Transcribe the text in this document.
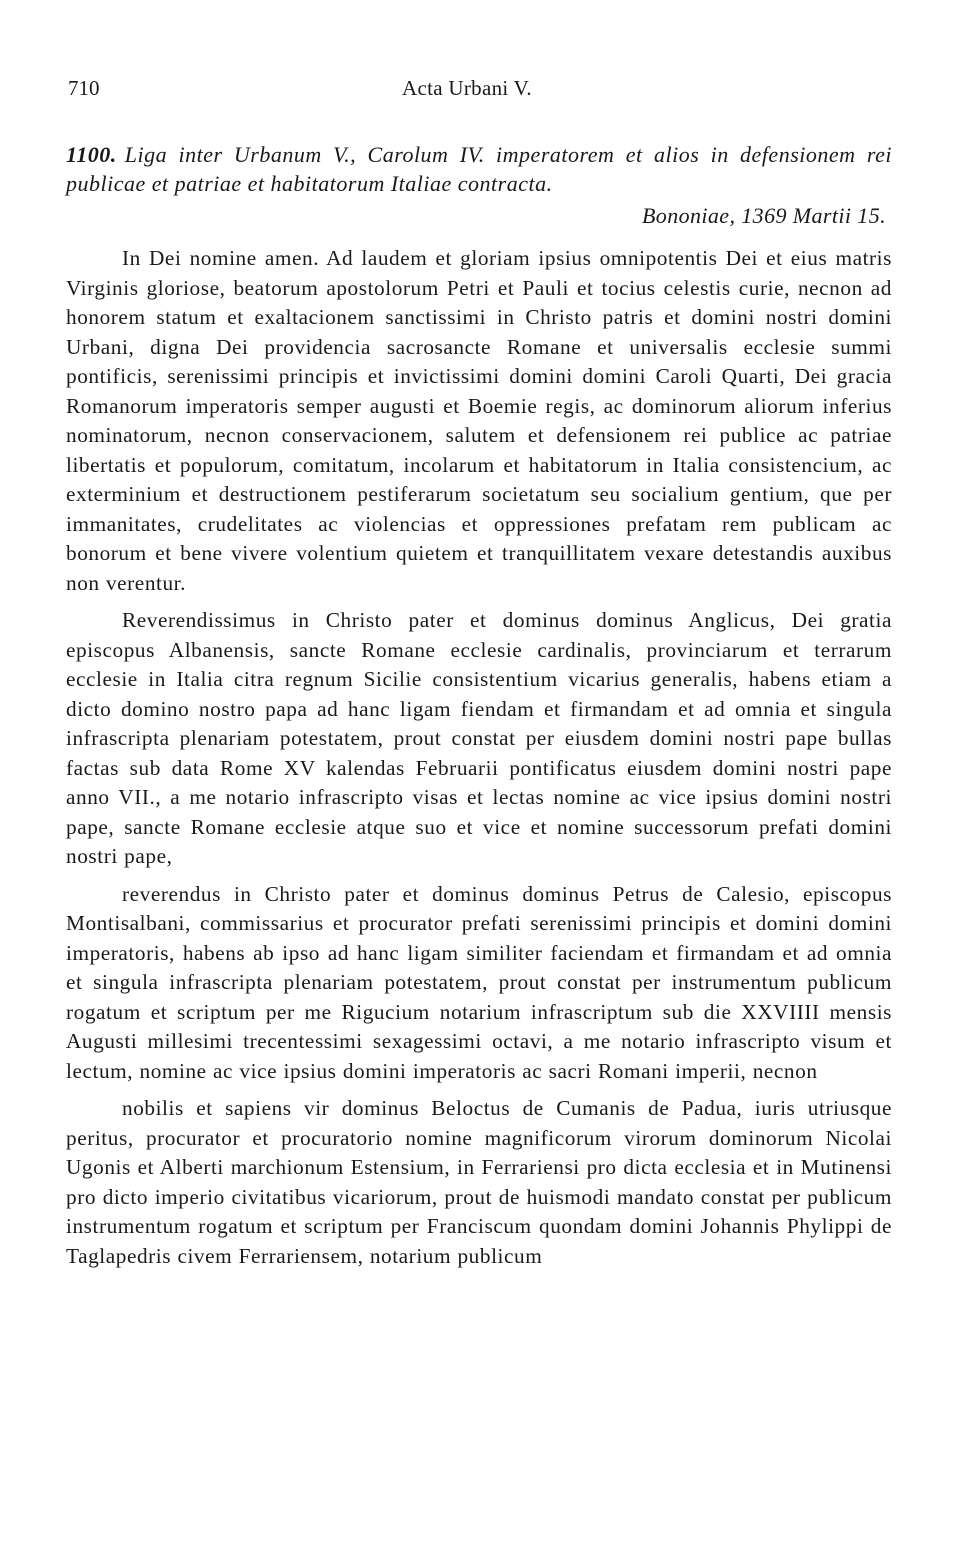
710	Acta Urbani V.
1100. Liga inter Urbanum V., Carolum IV. imperatorem et alios in defensionem rei publicae et patriae et habitatorum Italiae contracta.
Bononiae, 1369 Martii 15.

In Dei nomine amen. Ad laudem et gloriam ipsius omnipotentis Dei et eius matris Virginis gloriose, beatorum apostolorum Petri et Pauli et tocius celestis curie, necnon ad honorem statum et exaltacionem sanctissimi in Christo patris et domini nostri domini Urbani, digna Dei providencia sacrosancte Romane et universalis ecclesie summi pontificis, serenissimi principis et invictissimi domini domini Caroli Quarti, Dei gracia Romanorum imperatoris semper augusti et Boemie regis, ac dominorum aliorum inferius nominatorum, necnon conservacionem, salutem et defensionem rei publice ac patriae libertatis et populorum, comitatum, incolarum et habitatorum in Italia consistencium, ac exterminium et destructionem pestiferarum societatum seu socialium gentium, que per immanitates, crudelitates ac violencias et oppressiones prefatam rem publicam ac bonorum et bene vivere volentium quietem et tranquillitatem vexare detestandis auxibus non verentur.

Reverendissimus in Christo pater et dominus dominus Anglicus, Dei gratia episcopus Albanensis, sancte Romane ecclesie cardinalis, provinciarum et terrarum ecclesie in Italia citra regnum Sicilie consistentium vicarius generalis, habens etiam a dicto domino nostro papa ad hanc ligam fiendam et firmandam et ad omnia et singula infrascripta plenariam potestatem, prout constat per eiusdem domini nostri pape bullas factas sub data Rome XV kalendas Februarii pontificatus eiusdem domini nostri pape anno VII., a me notario infrascripto visas et lectas nomine ac vice ipsius domini nostri pape, sancte Romane ecclesie atque suo et vice et nomine successorum prefati domini nostri pape,

reverendus in Christo pater et dominus dominus Petrus de Calesio, episcopus Montisalbani, commissarius et procurator prefati serenissimi principis et domini domini imperatoris, habens ab ipso ad hanc ligam similiter faciendam et firmandam et ad omnia et singula infrascripta plenariam potestatem, prout constat per instrumentum publicum rogatum et scriptum per me Rigucium notarium infrascriptum sub die XXVIIII mensis Augusti millesimi trecentessimi sexagessimi octavi, a me notario infrascripto visum et lectum, nomine ac vice ipsius domini imperatoris ac sacri Romani imperii, necnon

nobilis et sapiens vir dominus Beloctus de Cumanis de Padua, iuris utriusque peritus, procurator et procuratorio nomine magnificorum virorum dominorum Nicolai Ugonis et Alberti marchionum Estensium, in Ferrariensi pro dicta ecclesia et in Mutinensi pro dicto imperio civitatibus vicariorum, prout de huismodi mandato constat per publicum instrumentum rogatum et scriptum per Franciscum quondam domini Johannis Phylippi de Taglapedris civem Ferrariensem, notarium publicum
